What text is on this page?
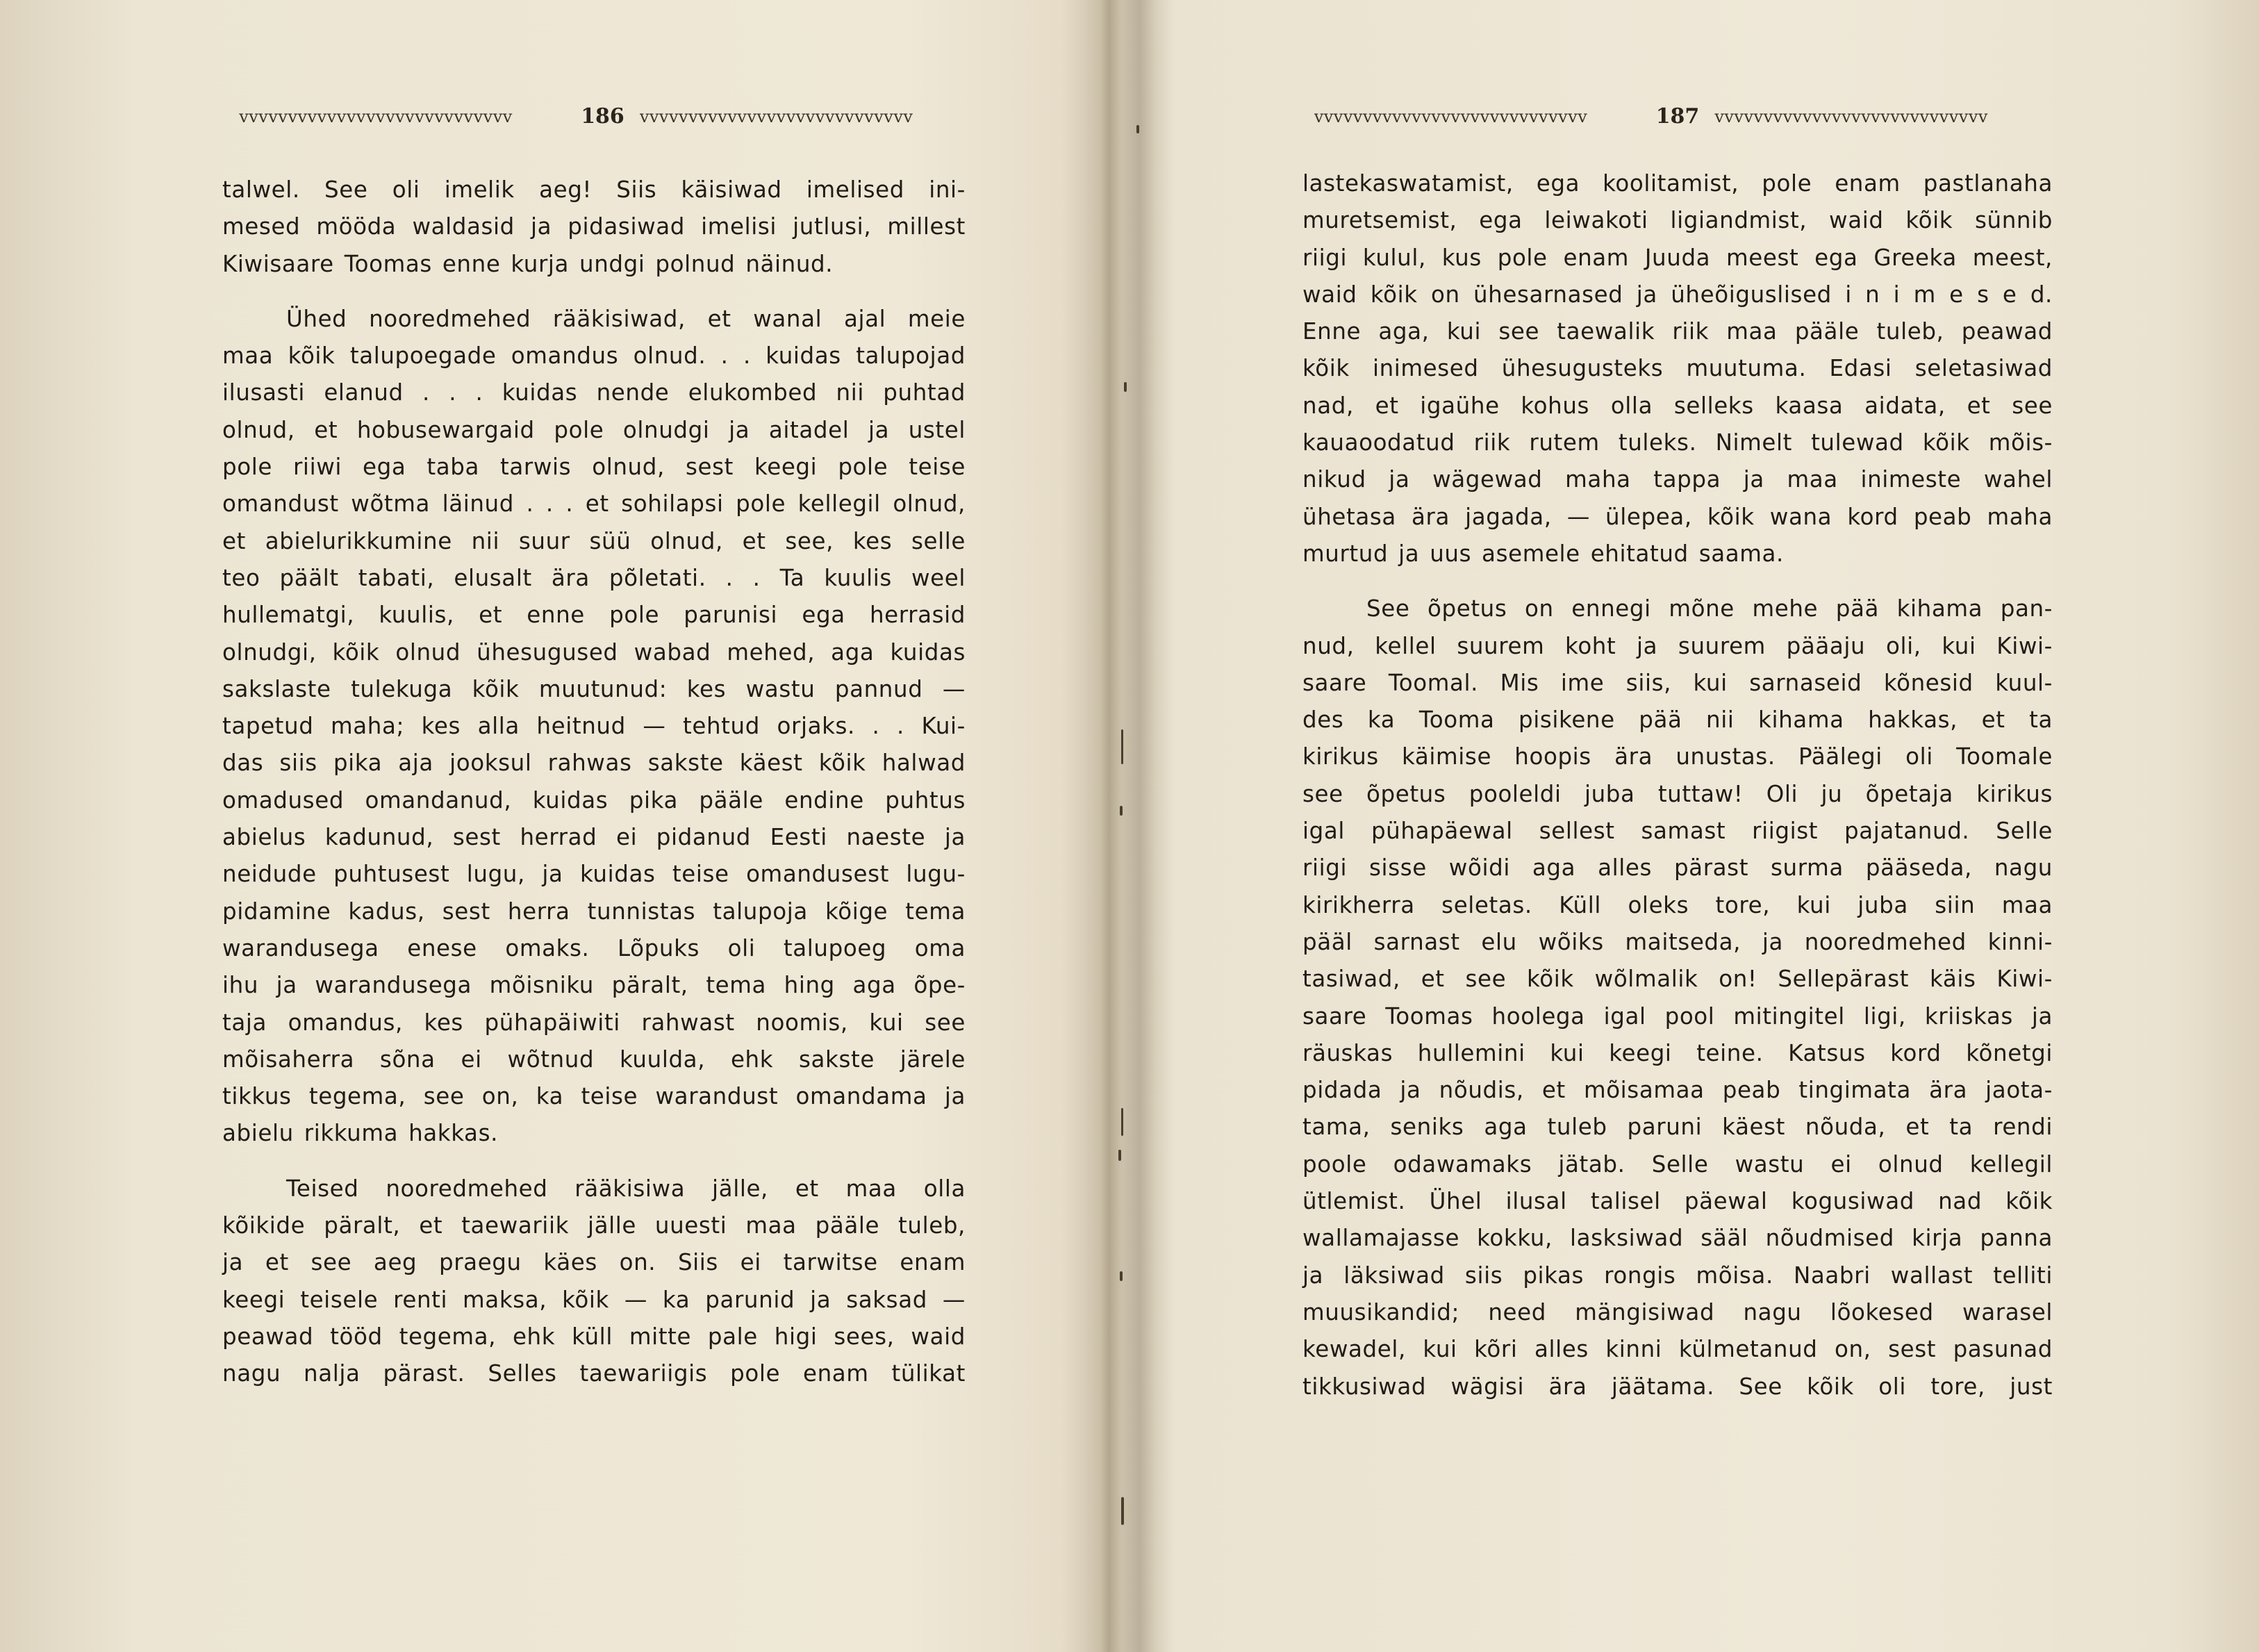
vvvvvvvvvvvvvvvvvvvvvvvvvvvv	186 vvvvvvvvvvvvvvvvvvvvvvvvvvvv
talwel. See oli imelik aeg! Siis käisiwad imelised ini-
mesed mööda waldasid ja pidasiwad imelisi jutlusi, millest
Kiwisaare Toomas enne kurja undgi polnud näinud.
Ühed nooredmehed rääkisiwad, et wanal ajal meie
maa kõik talupoegade omandus olnud. . . kuidas talupojad
ilusasti elanud . . . kuidas nende elukombed nii puhtad
olnud, et hobusewargaid pole olnudgi ja aitadel ja ustel
pole riiwi ega taba tarwis olnud, sest keegi pole teise
omandust wõtma läinud . . . et sohilapsi pole kellegil olnud,
et abielurikkumine nii suur süü olnud, et see, kes selle
teo päält tabati, elusalt ära põletati. . . Ta kuulis weel
hullematgi, kuulis, et enne pole parunisi ega herrasid
olnudgi, kõik olnud ühesugused wabad mehed, aga kuidas
sakslaste tulekuga kõik muutunud: kes wastu pannud —
tapetud maha; kes alla heitnud — tehtud orjaks. . . Kui-
das siis pika aja jooksul rahwas sakste käest kõik halwad
omadused omandanud, kuidas pika pääle endine puhtus
abielus kadunud, sest herrad ei pidanud Eesti naeste ja
neidude puhtusest lugu, ja kuidas teise omandusest lugu-
pidamine kadus, sest herra tunnistas talupoja kõige tema
warandusega enese omaks. Lõpuks oli talupoeg oma
ihu ja warandusega mõisniku päralt, tema hing aga õpe-
taja omandus, kes pühapäiwiti rahwast noomis, kui see
mõisaherra sõna ei wõtnud kuulda, ehk sakste järele
tikkus tegema, see on, ka teise warandust omandama ja
abielu rikkuma hakkas.
Teised nooredmehed rääkisiwa jälle, et maa olla
kõikide päralt, et taewariik jälle uuesti maa pääle tuleb,
ja et see aeg praegu käes on. Siis ei tarwitse enam
keegi teisele renti maksa, kõik — ka parunid ja saksad —
peawad tööd tegema, ehk küll mitte pale higi sees, waid
nagu nalja pärast. Selles taewariigis pole enam tülikat
vvvvvvvvvvvvvvvvvvvvvvvvvvvv	187 vvvvvvvvvvvvvvvvvvvvvvvvvvvv
lastekaswatamist, ega koolitamist, pole enam pastlanaha
muretsemist, ega leiwakoti ligiandmist, waid kõik sünnib
riigi kulul, kus pole enam Juuda meest ega Greeka meest,
waid kõik on ühesarnased ja üheõiguslised i n i m e s e d.
Enne aga, kui see taewalik riik maa pääle tuleb, peawad
kõik inimesed ühesugusteks muutuma. Edasi seletasiwad
nad, et igaühe kohus olla selleks kaasa aidata, et see
kauaoodatud riik rutem tuleks. Nimelt tulewad kõik mõis-
nikud ja wägewad maha tappa ja maa inimeste wahel
ühetasa ära jagada, — ülepea, kõik wana kord peab maha
murtud ja uus asemele ehitatud saama.
See õpetus on ennegi mõne mehe pää kihama pan-
nud, kellel suurem koht ja suurem pääaju oli, kui Kiwi-
saare Toomal. Mis ime siis, kui sarnaseid kõnesid kuul-
des ka Tooma pisikene pää nii kihama hakkas, et ta
kirikus käimise hoopis ära unustas. Päälegi oli Toomale
see õpetus pooleldi juba tuttaw! Oli ju õpetaja kirikus
igal pühapäewal sellest samast riigist pajatanud. Selle
riigi sisse wõidi aga alles pärast surma pääseda, nagu
kirikherra seletas. Küll oleks tore, kui juba siin maa
pääl sarnast elu wõiks maitseda, ja nooredmehed kinni-
tasiwad, et see kõik wõlmalik on! Sellepärast käis Kiwi-
saare Toomas hoolega igal pool mitingitel ligi, kriiskas ja
räuskas hullemini kui keegi teine. Katsus kord kõnetgi
pidada ja nõudis, et mõisamaa peab tingimata ära jaota-
tama, seniks aga tuleb paruni käest nõuda, et ta rendi
poole odawamaks jätab. Selle wastu ei olnud kellegil
ütlemist. Ühel ilusal talisel päewal kogusiwad nad kõik
wallamajasse kokku, lasksiwad sääl nõudmised kirja panna
ja läksiwad siis pikas rongis mõisa. Naabri wallast telliti
muusikandid; need mängisiwad nagu lõokesed warasel
kewadel, kui kõri alles kinni külmetanud on, sest pasunad
tikkusiwad wägisi ära jäätama. See kõik oli tore, just
